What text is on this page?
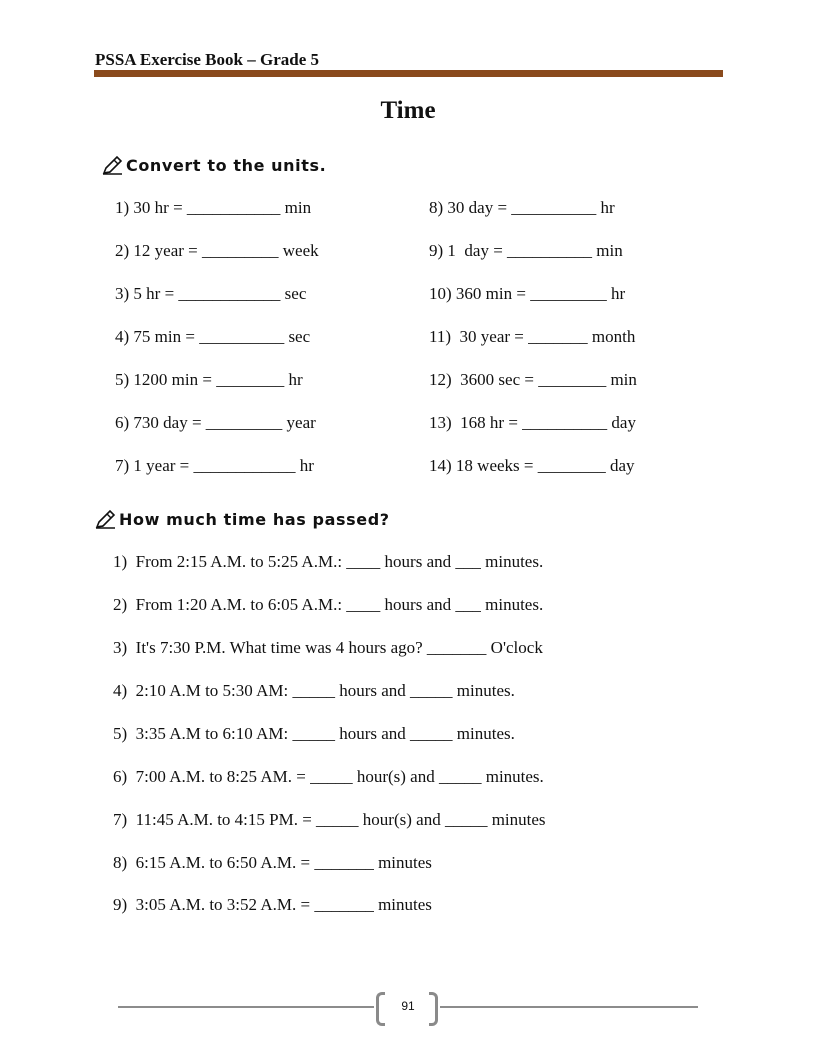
PSSA Exercise Book – Grade 5
Time
Convert to the units.
1) 30 hr = ___________ min
2) 12 year = _________ week
3) 5 hr = ____________ sec
4) 75 min = __________ sec
5) 1200 min = ________ hr
6) 730 day = _________ year
7) 1 year = ____________ hr
8) 30 day = __________ hr
9) 1  day = __________ min
10) 360 min = _________ hr
11)  30 year = _______ month
12)  3600 sec = ________ min
13)  168 hr = __________ day
14) 18 weeks = ________ day
How much time has passed?
1)  From 2:15 A.M. to 5:25 A.M.: ____ hours and ___ minutes.
2)  From 1:20 A.M. to 6:05 A.M.: ____ hours and ___ minutes.
3)  It's 7:30 P.M. What time was 4 hours ago? _______ O'clock
4)  2:10 A.M to 5:30 AM: _____ hours and _____ minutes.
5)  3:35 A.M to 6:10 AM: _____ hours and _____ minutes.
6)  7:00 A.M. to 8:25 AM. = _____ hour(s) and _____ minutes.
7)  11:45 A.M. to 4:15 PM. = _____ hour(s) and _____ minutes
8)  6:15 A.M. to 6:50 A.M. = _______ minutes
9)  3:05 A.M. to 3:52 A.M. = _______ minutes
91
